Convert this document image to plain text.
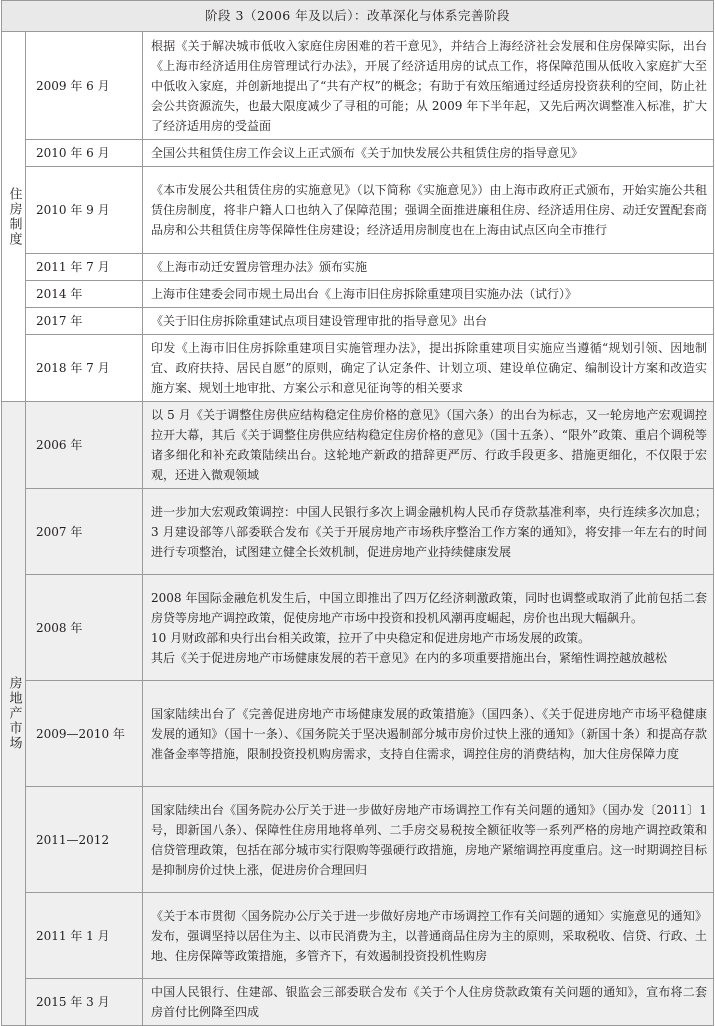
阶段 3（2006 年及以后）：改革深化与体系完善阶段		

住房制度	2009 年 6 月	根据《关于解决城市低收入家庭住房困难的若干意见》，并结合上海经济社会发展和住房保障实际，出台《上海市经济适用住房管理试行办法》，开展了经济适用房的试点工作，将保障范围从低收入家庭扩大至中低收入家庭，并创新地提出了“共有产权”的概念；有助于有效压缩通过经适房投资获利的空间，防止社会公共资源流失，也最大限度减少了寻租的可能；从 2009 年下半年起，又先后两次调整准入标准，扩大了经济适用房的受益面
	2010 年 6 月	全国公共租赁住房工作会议上正式颁布《关于加快发展公共租赁住房的指导意见》
	2010 年 9 月	《本市发展公共租赁住房的实施意见》（以下简称《实施意见》）由上海市政府正式颁布，开始实施公共租赁住房制度，将非户籍人口也纳入了保障范围；强调全面推进廉租住房、经济适用住房、动迁安置配套商品房和公共租赁住房等保障性住房建设；经济适用房制度也在上海由试点区向全市推行
	2011 年 7 月	《上海市动迁安置房管理办法》颁布实施
	2014 年	上海市住建委会同市规土局出台《上海市旧住房拆除重建项目实施办法（试行）》
	2017 年	《关于旧住房拆除重建试点项目建设管理审批的指导意见》出台
	2018 年 7 月	印发《上海市旧住房拆除重建项目实施管理办法》，提出拆除重建项目实施应当遵循“规划引领、因地制宜、政府扶持、居民自愿”的原则，确定了认定条件、计划立项、建设单位确定、编制设计方案和改造实施方案、规划土地审批、方案公示和意见征询等的相关要求

房地产市场	2006 年	以 5 月《关于调整住房供应结构稳定住房价格的意见》（国六条）的出台为标志，又一轮房地产宏观调控拉开大幕，其后《关于调整住房供应结构稳定住房价格的意见》（国十五条）、“限外”政策、重启个调税等诸多细化和补充政策陆续出台。这轮地产新政的措辞更严厉、行政手段更多、措施更细化，不仅限于宏观，还进入微观领域
	2007 年	进一步加大宏观政策调控：中国人民银行多次上调金融机构人民币存贷款基准利率，央行连续多次加息；3 月建设部等八部委联合发布《关于开展房地产市场秩序整治工作方案的通知》，将安排一年左右的时间进行专项整治，试图建立健全长效机制，促进房地产业持续健康发展
	2008 年	2008 年国际金融危机发生后，中国立即推出了四万亿经济刺激政策，同时也调整或取消了此前包括二套房贷等房地产调控政策，促使房地产市场中投资和投机风潮再度崛起，房价也出现大幅飙升。
10 月财政部和央行出台相关政策，拉开了中央稳定和促进房地产市场发展的政策。
其后《关于促进房地产市场健康发展的若干意见》在内的多项重要措施出台，紧缩性调控越放越松
	2009—2010 年	国家陆续出台了《完善促进房地产市场健康发展的政策措施》（国四条）、《关于促进房地产市场平稳健康发展的通知》（国十一条）、《国务院关于坚决遏制部分城市房价过快上涨的通知》（新国十条）和提高存款准备金率等措施，限制投资投机购房需求，支持自住需求，调控住房的消费结构，加大住房保障力度
	2011—2012	国家陆续出台《国务院办公厅关于进一步做好房地产市场调控工作有关问题的通知》（国办发〔2011〕1 号，即新国八条）、保障性住房用地将单列、二手房交易税按全额征收等一系列严格的房地产调控政策和信贷管理政策，包括在部分城市实行限购等强硬行政措施，房地产紧缩调控再度重启。这一时期调控目标是抑制房价过快上涨，促进房价合理回归
	2011 年 1 月	《关于本市贯彻〈国务院办公厅关于进一步做好房地产市场调控工作有关问题的通知〉实施意见的通知》发布，强调坚持以居住为主、以市民消费为主，以普通商品住房为主的原则，采取税收、信贷、行政、土地、住房保障等政策措施，多管齐下，有效遏制投资投机性购房
	2015 年 3 月	中国人民银行、住建部、银监会三部委联合发布《关于个人住房贷款政策有关问题的通知》，宣布将二套房首付比例降至四成
